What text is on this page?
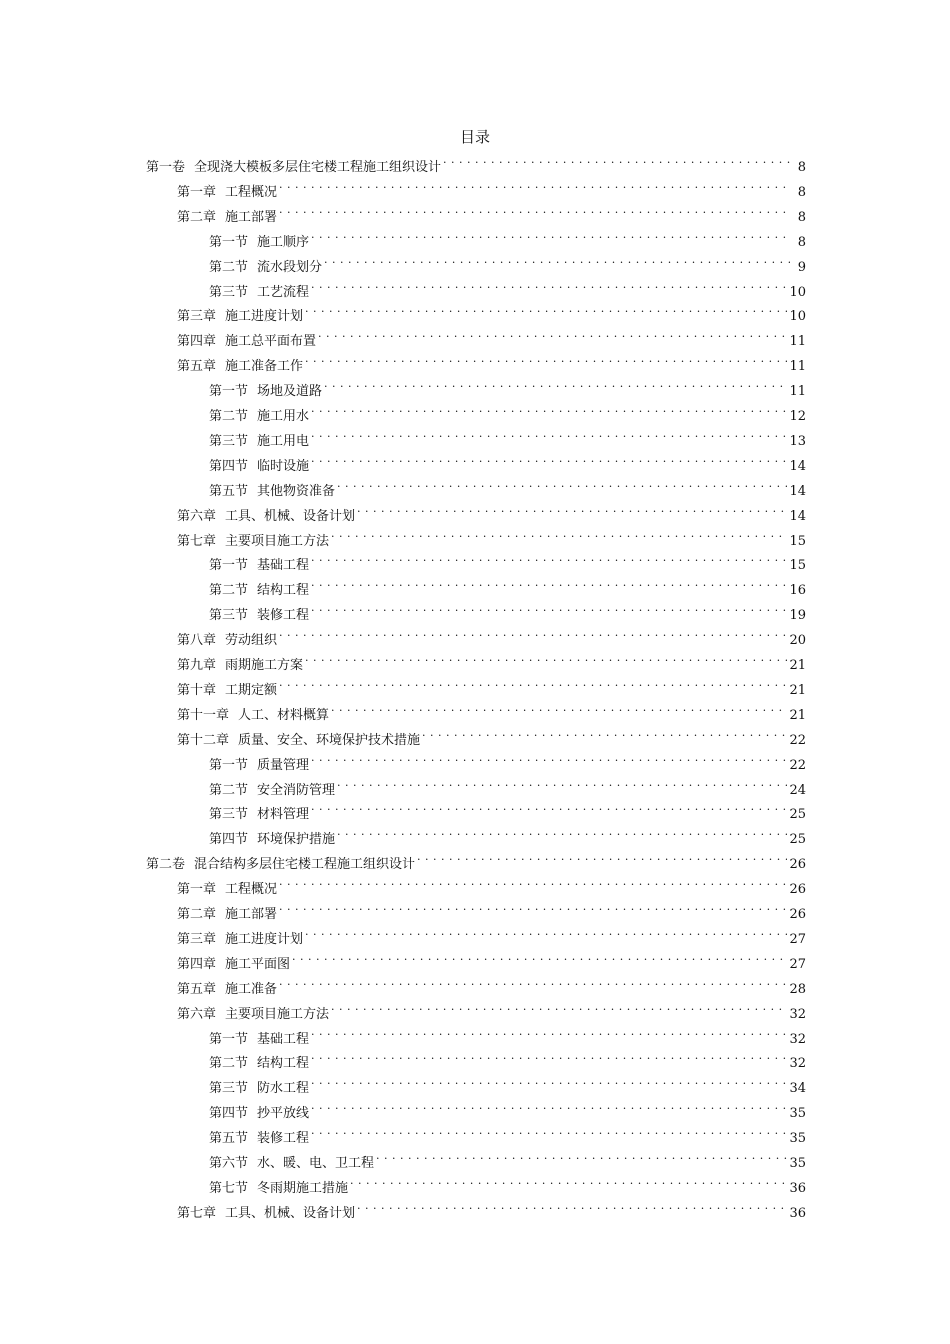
目录
第一卷 全现浇大模板多层住宅楼工程施工组织设计 . . .	8
第一章 工程概况 . . .	8
第二章 施工部署 . . .	8
第一节 施工顺序 . . .	8
第二节 流水段划分 . . .	9
第三节 工艺流程 . . .	10
第三章 施工进度计划 . . .	10
第四章 施工总平面布置 . . .	11
第五章 施工准备工作 . . .	11
第一节 场地及道路 . . .	11
第二节 施工用水 . . .	12
第三节 施工用电 . . .	13
第四节 临时设施 . . .	14
第五节 其他物资准备 . . .	14
第六章 工具、机械、设备计划 . . .	14
第七章 主要项目施工方法 . . .	15
第一节 基础工程 . . .	15
第二节 结构工程 . . .	16
第三节 装修工程 . . .	19
第八章 劳动组织 . . .	20
第九章 雨期施工方案 . . .	21
第十章 工期定额 . . .	21
第十一章 人工、材料概算 . . .	21
第十二章 质量、安全、环境保护技术措施 . . .	22
第一节 质量管理 . . .	22
第二节 安全消防管理 . . .	24
第三节 材料管理 . . .	25
第四节 环境保护措施 . . .	25
第二卷 混合结构多层住宅楼工程施工组织设计 . . .	26
第一章 工程概况 . . .	26
第二章 施工部署 . . .	26
第三章 施工进度计划 . . .	27
第四章 施工平面图 . . .	27
第五章 施工准备 . . .	28
第六章 主要项目施工方法 . . .	32
第一节 基础工程 . . .	32
第二节 结构工程 . . .	32
第三节 防水工程 . . .	34
第四节 抄平放线 . . .	35
第五节 装修工程 . . .	35
第六节 水、暖、电、卫工程 . . .	35
第七节 冬雨期施工措施 . . .	36
第七章 工具、机械、设备计划 . . .	36
